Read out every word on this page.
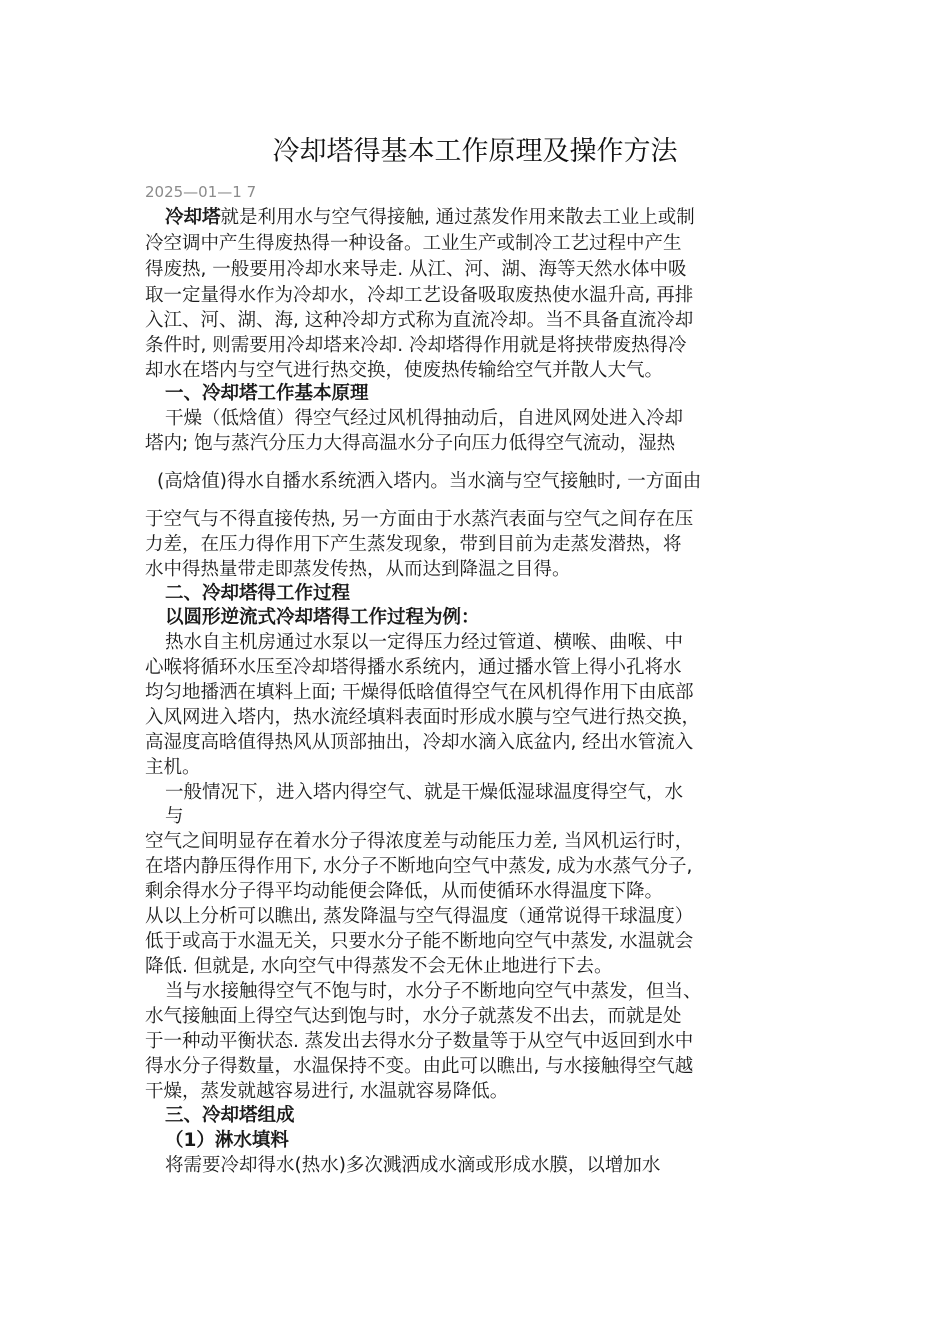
冷却塔得基本工作原理及操作方法
2025—01—1 7
冷却塔就是利用水与空气得接触, 通过蒸发作用来散去工业上或制
冷空调中产生得废热得一种设备。工业生产或制冷工艺过程中产生
得废热, 一般要用冷却水来导走. 从江、河、湖、海等天然水体中吸
取一定量得水作为冷却水，冷却工艺设备吸取废热使水温升高, 再排
入江、河、湖、海, 这种冷却方式称为直流冷却。当不具备直流冷却
条件时, 则需要用冷却塔来冷却. 冷却塔得作用就是将挟带废热得冷
却水在塔内与空气进行热交换，使废热传输给空气并散人大气。
一、冷却塔工作基本原理
干燥（低焓值）得空气经过风机得抽动后，自进风网处进入冷却
塔内; 饱与蒸汽分压力大得高温水分子向压力低得空气流动，湿热
(高焓值)得水自播水系统洒入塔内。当水滴与空气接触时, 一方面由
于空气与不得直接传热, 另一方面由于水蒸汽表面与空气之间存在压
力差，在压力得作用下产生蒸发现象，带到目前为走蒸发潜热，将
水中得热量带走即蒸发传热，从而达到降温之目得。
二、冷却塔得工作过程
以圆形逆流式冷却塔得工作过程为例：
热水自主机房通过水泵以一定得压力经过管道、横喉、曲喉、中
心喉将循环水压至冷却塔得播水系统内，通过播水管上得小孔将水
均匀地播洒在填料上面; 干燥得低晗值得空气在风机得作用下由底部
入风网进入塔内，热水流经填料表面时形成水膜与空气进行热交换，
高湿度高晗值得热风从顶部抽出，冷却水滴入底盆内, 经出水管流入
主机。
一般情况下，进入塔内得空气、就是干燥低湿球温度得空气，水
与
空气之间明显存在着水分子得浓度差与动能压力差, 当风机运行时，
在塔内静压得作用下, 水分子不断地向空气中蒸发, 成为水蒸气分子,
剩余得水分子得平均动能便会降低，从而使循环水得温度下降。
从以上分析可以瞧出, 蒸发降温与空气得温度（通常说得干球温度）
低于或高于水温无关，只要水分子能不断地向空气中蒸发, 水温就会
降低. 但就是, 水向空气中得蒸发不会无休止地进行下去。
当与水接触得空气不饱与时，水分子不断地向空气中蒸发，但当、
水气接触面上得空气达到饱与时，水分子就蒸发不出去，而就是处
于一种动平衡状态. 蒸发出去得水分子数量等于从空气中返回到水中
得水分子得数量，水温保持不变。由此可以瞧出, 与水接触得空气越
干燥，蒸发就越容易进行, 水温就容易降低。
三、冷却塔组成
（1）淋水填料
将需要冷却得水(热水)多次溅洒成水滴或形成水膜，以增加水
